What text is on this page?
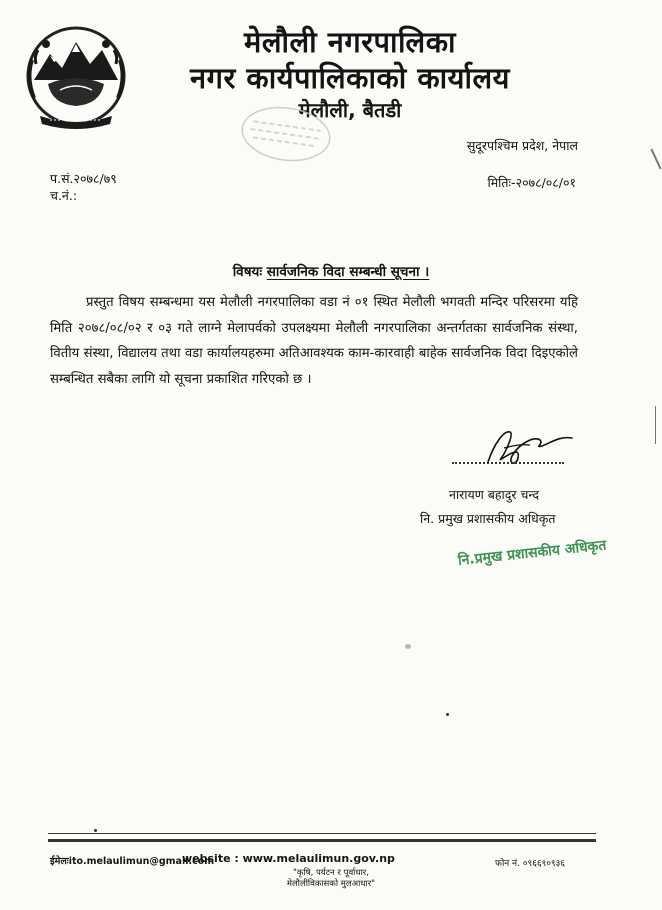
मेलौली नगरपालिका
नगर कार्यपालिकाको कार्यालय
मेलौली, बैतडी
सुदूरपश्चिम प्रदेश, नेपाल
प.सं.२०७८/७९
च.नं.:
मितिः-२०७८/०८/०१
विषयः सार्वजनिक विदा सम्बन्धी सूचना ।
प्रस्तुत विषय सम्बन्धमा यस मेलौली नगरपालिका वडा नं ०१ स्थित मेलौली भगवती मन्दिर परिसरमा यहि मिति २०७८/०८/०२ र ०३ गते लाग्ने मेलापर्वको उपलक्ष्यमा मेलौली नगरपालिका अन्तर्गतका सार्वजनिक संस्था, वितीय संस्था, विद्यालय तथा वडा कार्यालयहरुमा अतिआवश्यक काम-कारवाही बाहेक सार्वजनिक विदा दिइएकोले सम्बन्धित सबैका लागि यो सूचना प्रकाशित गरिएको छ ।
नारायण बहादुर चन्द
नि. प्रमुख प्रशासकीय अधिकृत
नि.प्रमुख प्रशासकीय अधिकृत
ईमेलःito.melaulimun@gmail.com
website : www.melaulimun.gov.np	फोन नं. ०९६६९०९३६
"कृषि, पर्यटन र पूर्वाधार,
मेलौलीविकासको मुलआधार"
